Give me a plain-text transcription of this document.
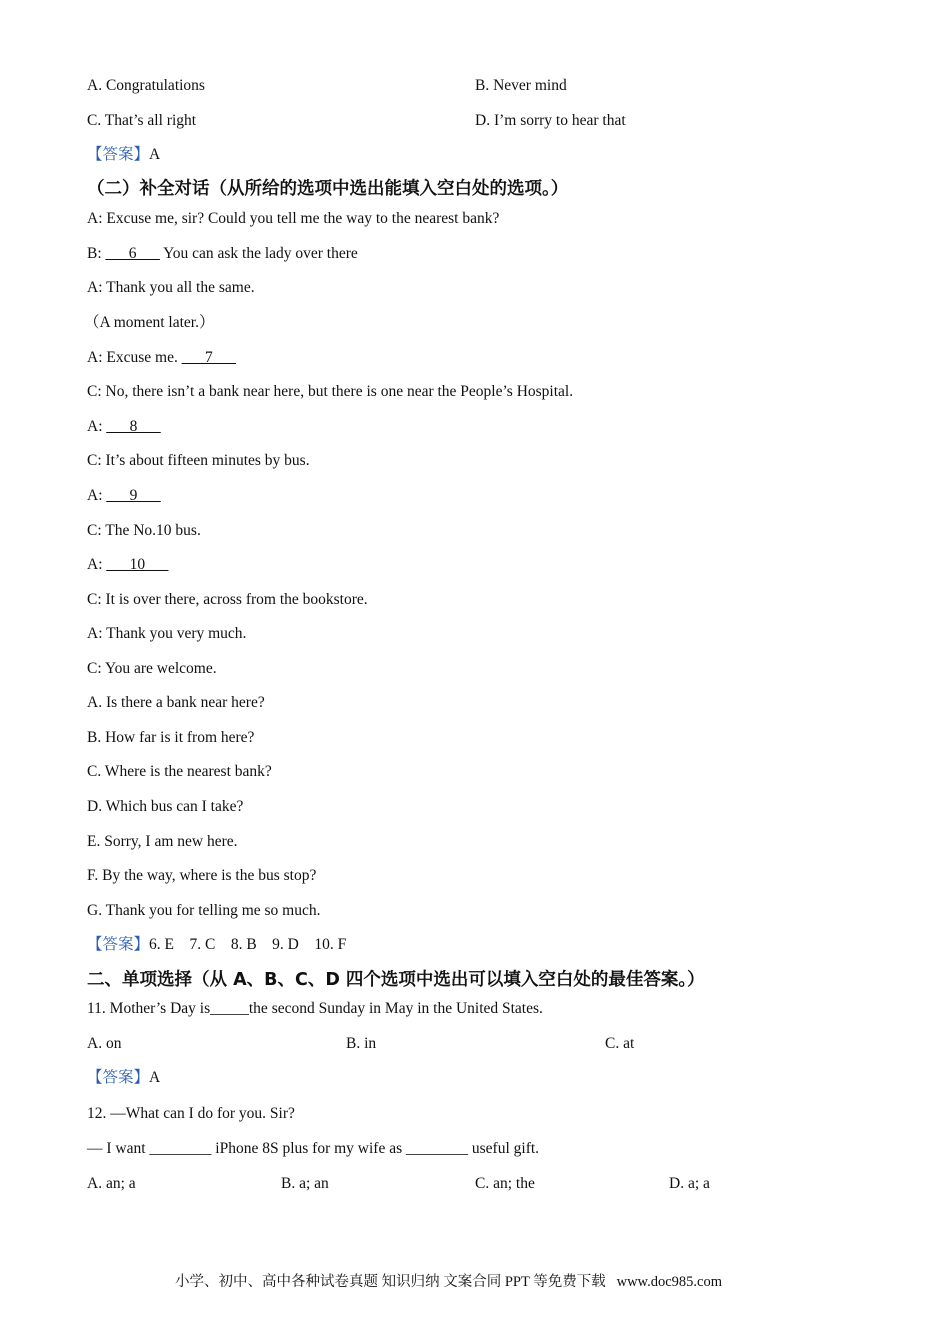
A. Congratulations	B. Never mind
C. That’s all right	D. I’m sorry to hear that
【答案】A
（二）补全对话（从所给的选项中选出能填入空白处的选项。）
A: Excuse me, sir? Could you tell me the way to the nearest bank?
B: ___6___ You can ask the lady over there
A: Thank you all the same.
（A moment later.）
A: Excuse me. ___7___
C: No, there isn’t a bank near here, but there is one near the People’s Hospital.
A: ___8___
C: It’s about fifteen minutes by bus.
A: ___9___
C: The No.10 bus.
A: ___10___
C: It is over there, across from the bookstore.
A: Thank you very much.
C: You are welcome.
A. Is there a bank near here?
B. How far is it from here?
C. Where is the nearest bank?
D. Which bus can I take?
E. Sorry, I am new here.
F. By the way, where is the bus stop?
G. Thank you for telling me so much.
【答案】6. E    7. C    8. B    9. D    10. F
二、单项选择（从 A、B、C、D 四个选项中选出可以填入空白处的最佳答案。）
11. Mother’s Day is_____the second Sunday in May in the United States.
A. on	B. in	C. at
【答案】A
12. —What can I do for you. Sir?
— I want ________ iPhone 8S plus for my wife as ________ useful gift.
A. an; a	B. a; an	C. an; the	D. a; a
小学、初中、高中各种试卷真题 知识归纳 文案合同 PPT 等免费下载   www.doc985.com
